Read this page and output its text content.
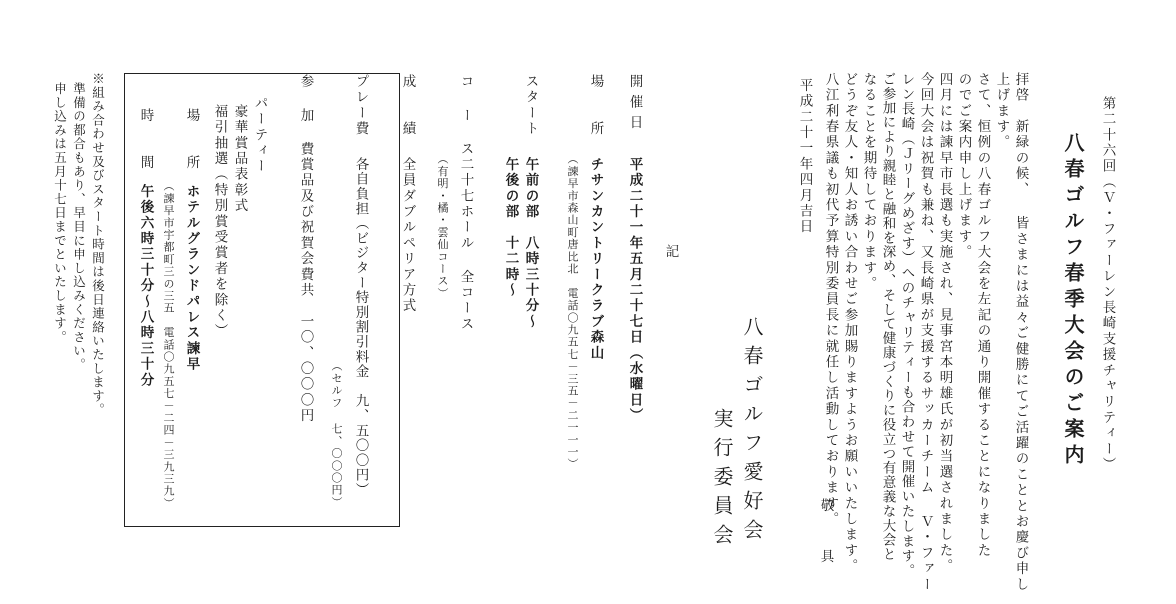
第二十六回（Ｖ・ファーレン長崎支援チャリティー）
八春ゴルフ春季大会のご案内
拝啓　新緑の候、 皆さまには益々ご健勝にてご活躍のこととお慶び申し
上げます。
さて、恒例の八春ゴルフ大会を左記の通り開催することになりました
のでご案内申し上げます。
四月には諫早市長選も実施され、見事宮本明雄氏が初当選されました。
今回大会は祝賀も兼ね、又長崎県が支援するサッカーチーム Ｖ・ファー
レン長崎（Ｊリーグめざす）へのチャリティーも合わせて開催いたします。
ご参加により親睦と融和を深め、そして健康づくりに役立つ有意義な大会と
なることを期待しております。
どうぞ友人・知人お誘い合わせご参加賜りますようお願いいたします。
八江利春県議も初代予算特別委員長に就任し活動しております。
敬　具
平成二十一年四月吉日
八春ゴルフ愛好会
実行委員会
記
開催日
平成二十一年五月二十七日（水曜日）
場　　所
チサンカントリークラブ森山
（諫早市森山町唐比北　電話〇九五七－三五－二一一一）
スタート
午前の部　八時三十分～
午後の部　十二時～
コ ー ス
二十七ホール 全コース
（有明・橘・雲仙コース）
成　　績
全員ダブルペリア方式
プレー費
各自負担（ビジター特別割引料金　九、五〇〇円）
（セルフ 七、〇〇〇円）
参 加 費
賞品及び祝賀会費共　一〇、〇〇〇円
パーティー
豪華賞品表彰式
福引抽選（特別賞受賞者を除く）
場　　所
ホテルグランドパレス諫早
（諫早市宇都町三の三五　電話〇九五七－二四－三九三九）
時　　間
午後六時三十分～八時三十分
※組み合わせ及びスタート時間は後日連絡いたします。
準備の都合もあり、早目に申し込みください。
申し込みは五月十七日までといたします。
